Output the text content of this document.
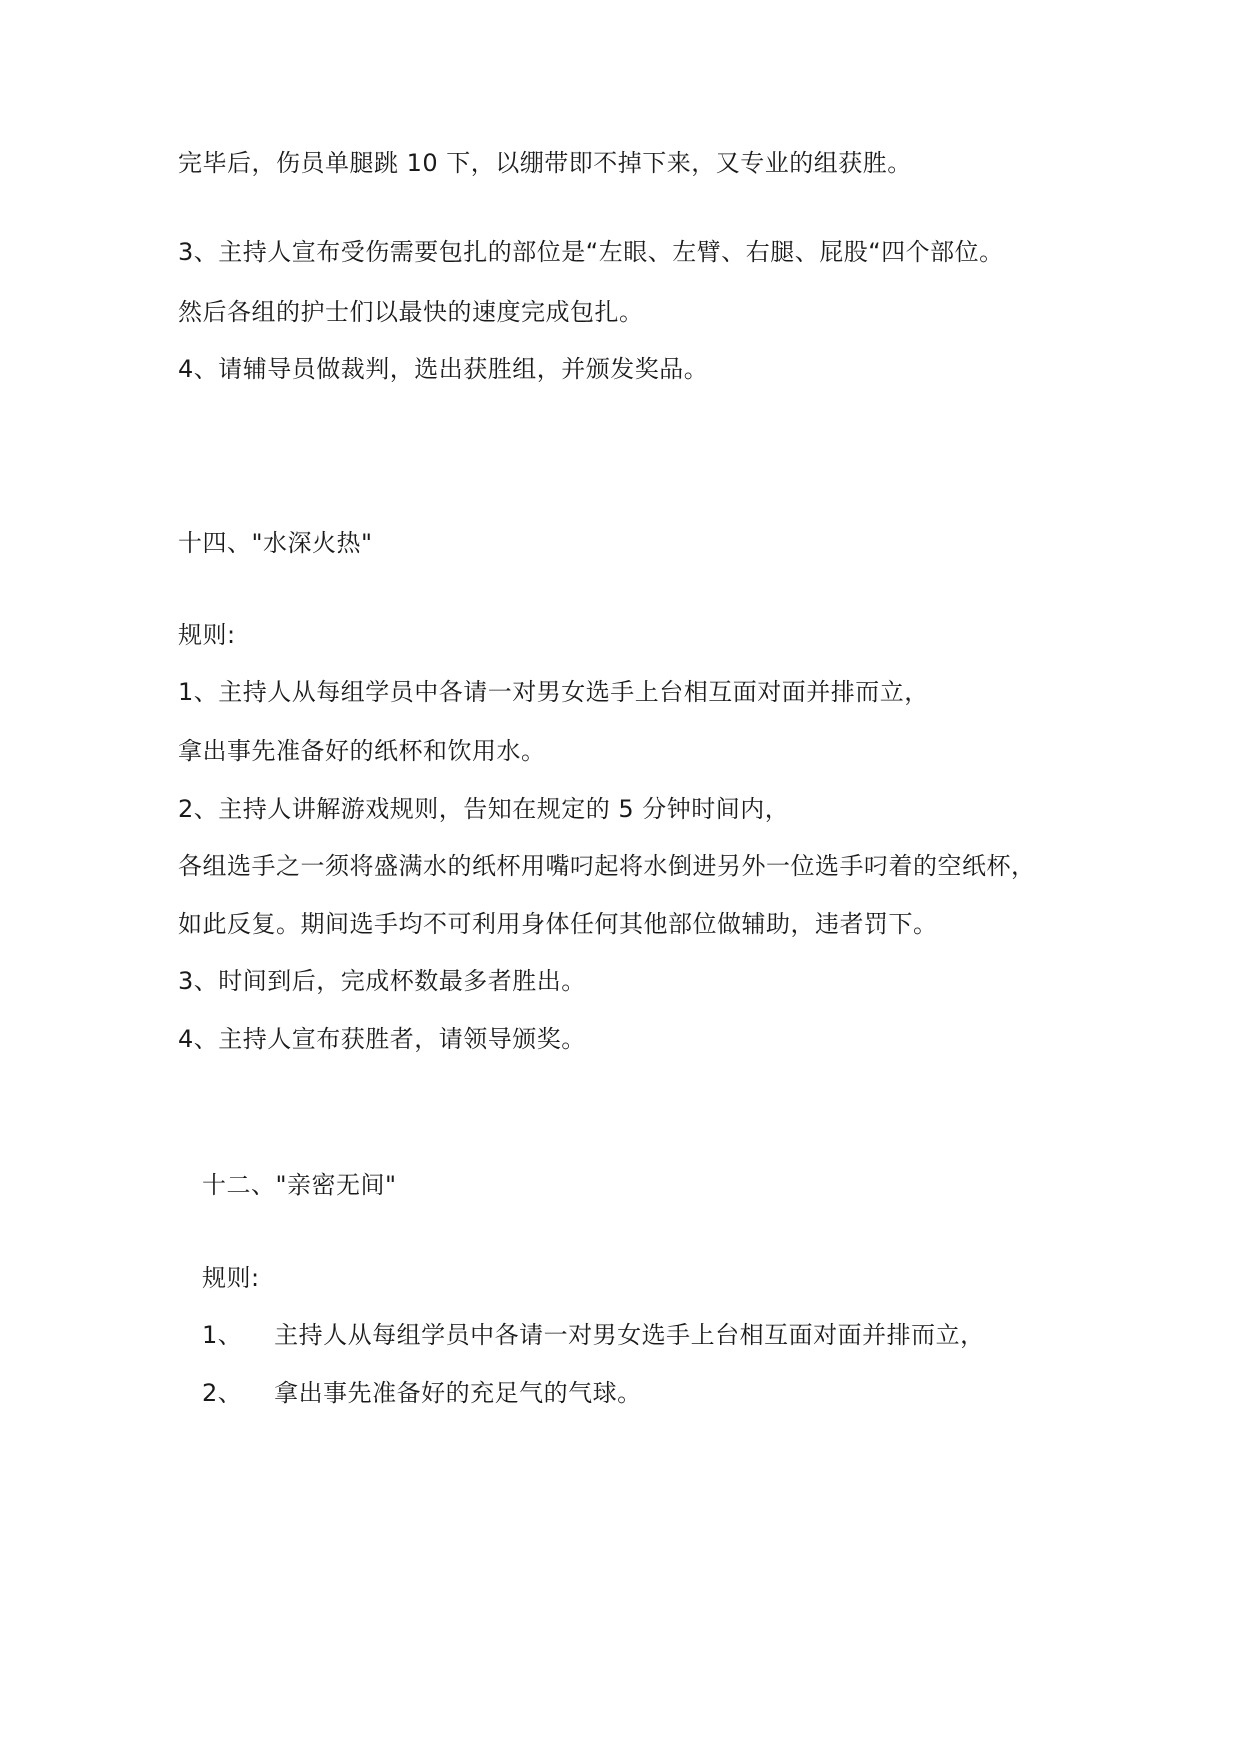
完毕后，伤员单腿跳 10 下，以绷带即不掉下来，又专业的组获胜。

3、主持人宣布受伤需要包扎的部位是“左眼、左臂、右腿、屁股“四个部位。

然后各组的护士们以最快的速度完成包扎。

4、请辅导员做裁判，选出获胜组，并颁发奖品。

十四、"水深火热"

规则:

1、主持人从每组学员中各请一对男女选手上台相互面对面并排而立，

拿出事先准备好的纸杯和饮用水。

2、主持人讲解游戏规则，告知在规定的 5 分钟时间内，

各组选手之一须将盛满水的纸杯用嘴叼起将水倒进另外一位选手叼着的空纸杯，

如此反复。期间选手均不可利用身体任何其他部位做辅助，违者罚下。

3、时间到后，完成杯数最多者胜出。

4、主持人宣布获胜者，请领导颁奖。

十二、"亲密无间"

规则:

1、 主持人从每组学员中各请一对男女选手上台相互面对面并排而立，

2、 拿出事先准备好的充足气的气球。
